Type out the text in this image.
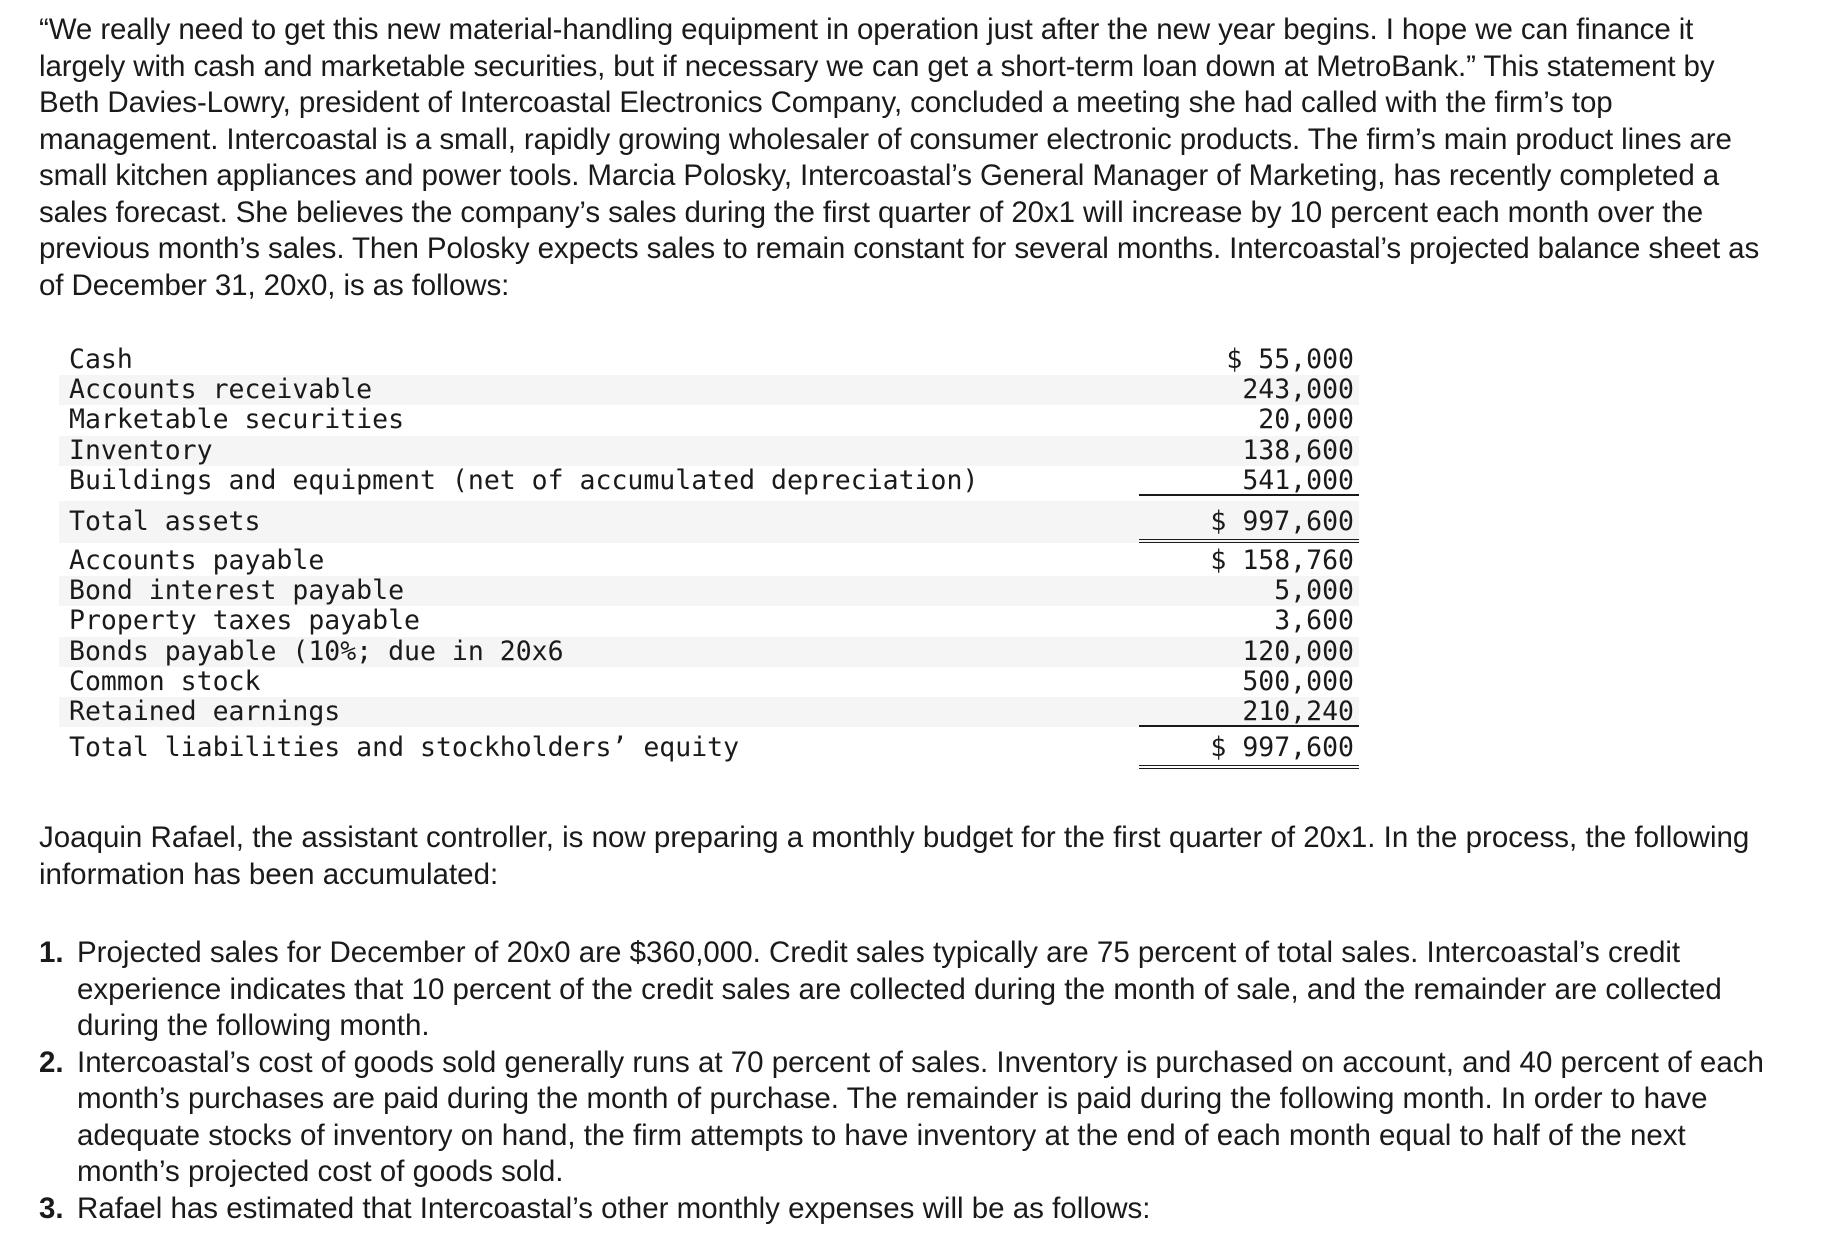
“We really need to get this new material-handling equipment in operation just after the new year begins. I hope we can finance it largely with cash and marketable securities, but if necessary we can get a short-term loan down at MetroBank.” This statement by Beth Davies-Lowry, president of Intercoastal Electronics Company, concluded a meeting she had called with the firm’s top management. Intercoastal is a small, rapidly growing wholesaler of consumer electronic products. The firm’s main product lines are small kitchen appliances and power tools. Marcia Polosky, Intercoastal’s General Manager of Marketing, has recently completed a sales forecast. She believes the company’s sales during the first quarter of 20x1 will increase by 10 percent each month over the previous month’s sales. Then Polosky expects sales to remain constant for several months. Intercoastal’s projected balance sheet as of December 31, 20x0, is as follows:

Cash	$ 55,000
Accounts receivable	243,000
Marketable securities	20,000
Inventory	138,600
Buildings and equipment (net of accumulated depreciation)	541,000
Total assets	$ 997,600
Accounts payable	$ 158,760
Bond interest payable	5,000
Property taxes payable	3,600
Bonds payable (10%; due in 20x6	120,000
Common stock	500,000
Retained earnings	210,240
Total liabilities and stockholders’ equity	$ 997,600

Joaquin Rafael, the assistant controller, is now preparing a monthly budget for the first quarter of 20x1. In the process, the following information has been accumulated:

1. Projected sales for December of 20x0 are $360,000. Credit sales typically are 75 percent of total sales. Intercoastal’s credit experience indicates that 10 percent of the credit sales are collected during the month of sale, and the remainder are collected during the following month.
2. Intercoastal’s cost of goods sold generally runs at 70 percent of sales. Inventory is purchased on account, and 40 percent of each month’s purchases are paid during the month of purchase. The remainder is paid during the following month. In order to have adequate stocks of inventory on hand, the firm attempts to have inventory at the end of each month equal to half of the next month’s projected cost of goods sold.
3. Rafael has estimated that Intercoastal’s other monthly expenses will be as follows:
